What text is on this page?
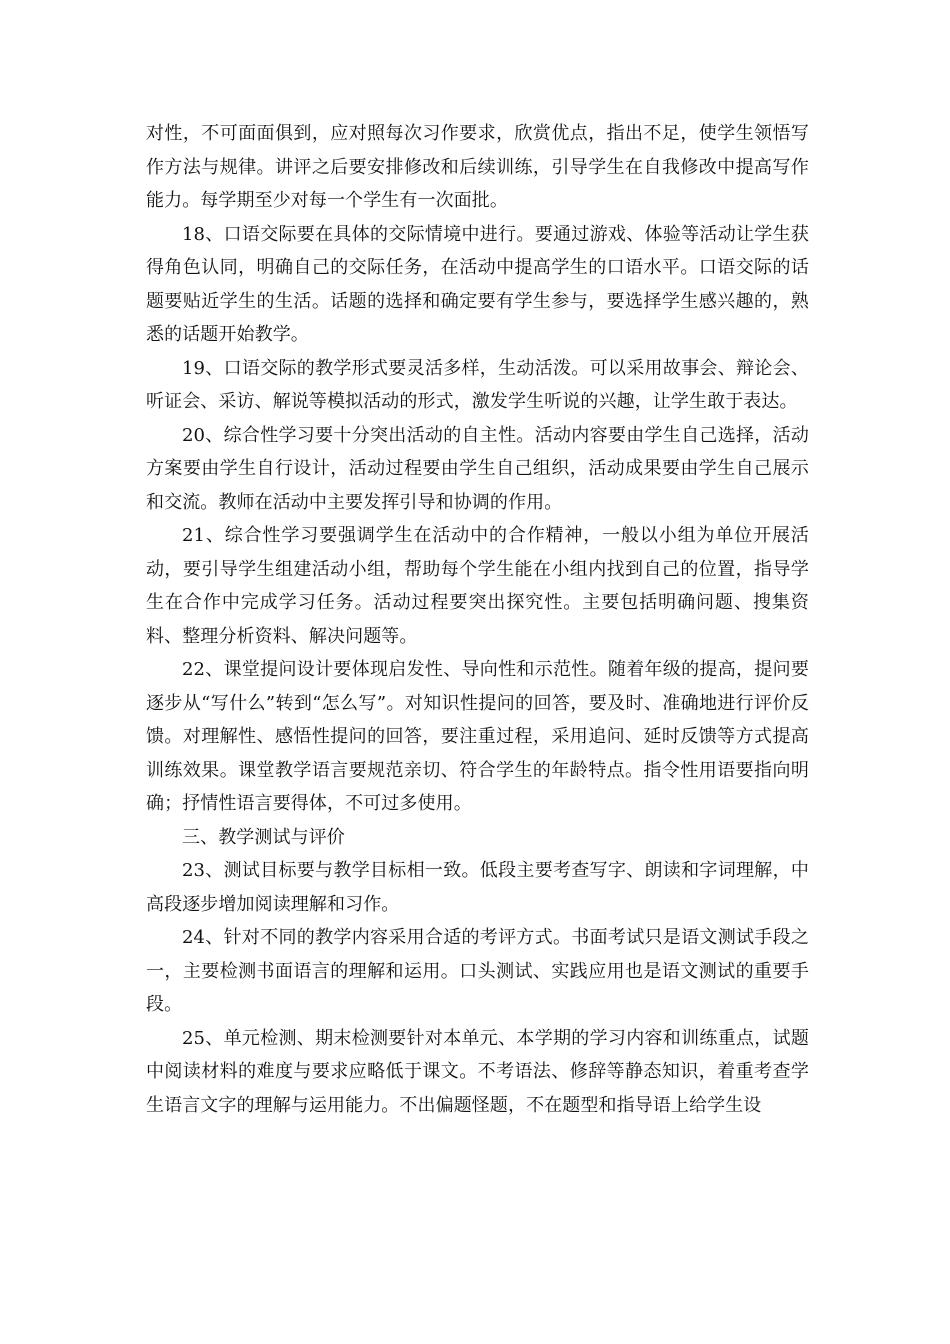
对性，不可面面俱到，应对照每次习作要求，欣赏优点，指出不足，使学生领悟写作方法与规律。讲评之后要安排修改和后续训练，引导学生在自我修改中提高写作能力。每学期至少对每一个学生有一次面批。

18、口语交际要在具体的交际情境中进行。要通过游戏、体验等活动让学生获得角色认同，明确自己的交际任务，在活动中提高学生的口语水平。口语交际的话题要贴近学生的生活。话题的选择和确定要有学生参与，要选择学生感兴趣的，熟悉的话题开始教学。

19、口语交际的教学形式要灵活多样，生动活泼。可以采用故事会、辩论会、听证会、采访、解说等模拟活动的形式，激发学生听说的兴趣，让学生敢于表达。

20、综合性学习要十分突出活动的自主性。活动内容要由学生自己选择，活动方案要由学生自行设计，活动过程要由学生自己组织，活动成果要由学生自己展示和交流。教师在活动中主要发挥引导和协调的作用。

21、综合性学习要强调学生在活动中的合作精神，一般以小组为单位开展活动，要引导学生组建活动小组，帮助每个学生能在小组内找到自己的位置，指导学生在合作中完成学习任务。活动过程要突出探究性。主要包括明确问题、搜集资料、整理分析资料、解决问题等。

22、课堂提问设计要体现启发性、导向性和示范性。随着年级的提高，提问要逐步从“写什么”转到“怎么写”。对知识性提问的回答，要及时、准确地进行评价反馈。对理解性、感悟性提问的回答，要注重过程，采用追问、延时反馈等方式提高训练效果。课堂教学语言要规范亲切、符合学生的年龄特点。指令性用语要指向明确；抒情性语言要得体，不可过多使用。

三、教学测试与评价

23、测试目标要与教学目标相一致。低段主要考查写字、朗读和字词理解，中高段逐步增加阅读理解和习作。

24、针对不同的教学内容采用合适的考评方式。书面考试只是语文测试手段之一，主要检测书面语言的理解和运用。口头测试、实践应用也是语文测试的重要手段。

25、单元检测、期末检测要针对本单元、本学期的学习内容和训练重点，试题中阅读材料的难度与要求应略低于课文。不考语法、修辞等静态知识，着重考查学生语言文字的理解与运用能力。不出偏题怪题，不在题型和指导语上给学生设
